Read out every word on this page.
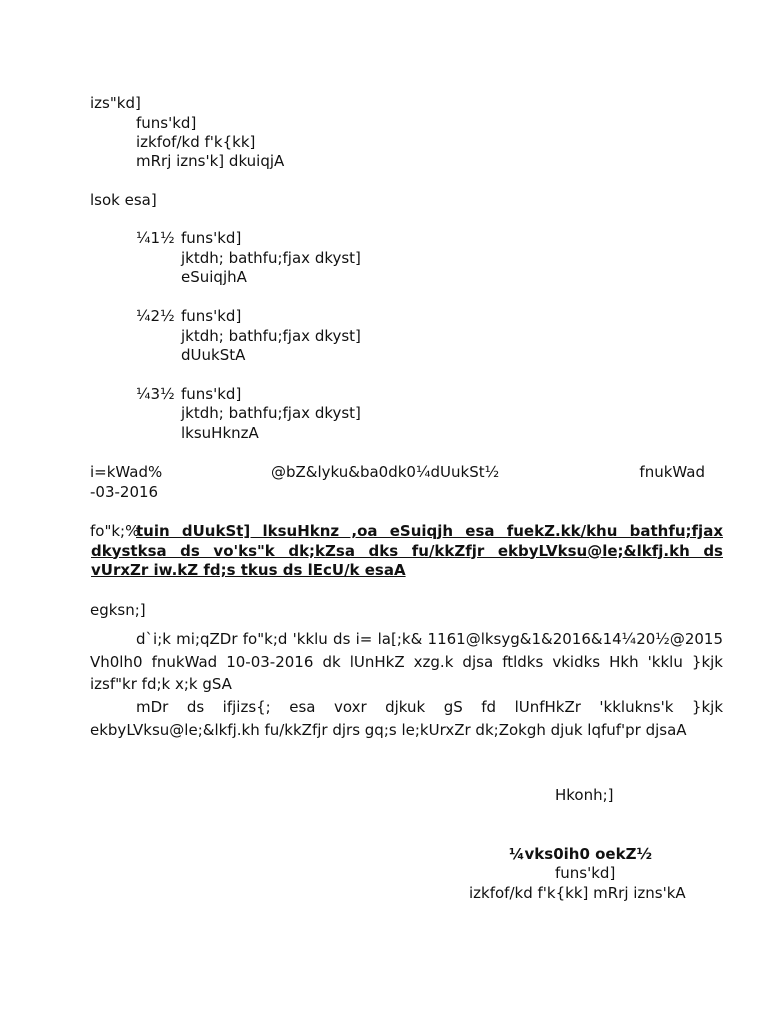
izs"kd]
funs'kd]
izkfof/kd f'k{kk]
mRrj izns'k] dkuiqjA
lsok esa]
¼1½ funs'kd]
jktdh; bathfu;fjax dkyst]
eSuiqjhA
¼2½ funs'kd]
jktdh; bathfu;fjax dkyst]
dUukStA
¼3½ funs'kd]
jktdh; bathfu;fjax dkyst]
lksuHknzA
i=kWad%	@bZ&lyku&ba0dk0¼dUukSt½	fnukWad
-03-2016
fo"k;%
tuin dUukSt] lksuHknz ,oa eSuiqjh esa fuekZ.kk/khu bathfu;fjax dkystksa ds vo'ks"k dk;kZsa dks fu/kkZfjr ekbyLVksu@le;&lkfj.kh ds vUrxZr iw.kZ fd;s tkus ds lEcU/k esaA
egksn;]

d`i;k mi;qZDr fo"k;d 'kklu ds i= la[;k& 1161@lksyg&1&2016&14¼20½@2015 Vh0lh0 fnukWad 10-03-2016 dk lUnHkZ xzg.k djsa ftldks vkidks Hkh 'kklu }kjk izsf"kr fd;k x;k gSA

mDr ds ifjizs{; esa voxr djkuk gS fd lUnfHkZr 'kklukns'k }kjk ekbyLVksu@le;&lkfj.kh fu/kkZfjr djrs gq;s le;kUrxZr dk;Zokgh djuk lqfuf'pr djsaA

Hkonh;]
¼vks0ih0 oekZ½
funs'kd]
izkfof/kd f'k{kk] mRrj izns'kA
